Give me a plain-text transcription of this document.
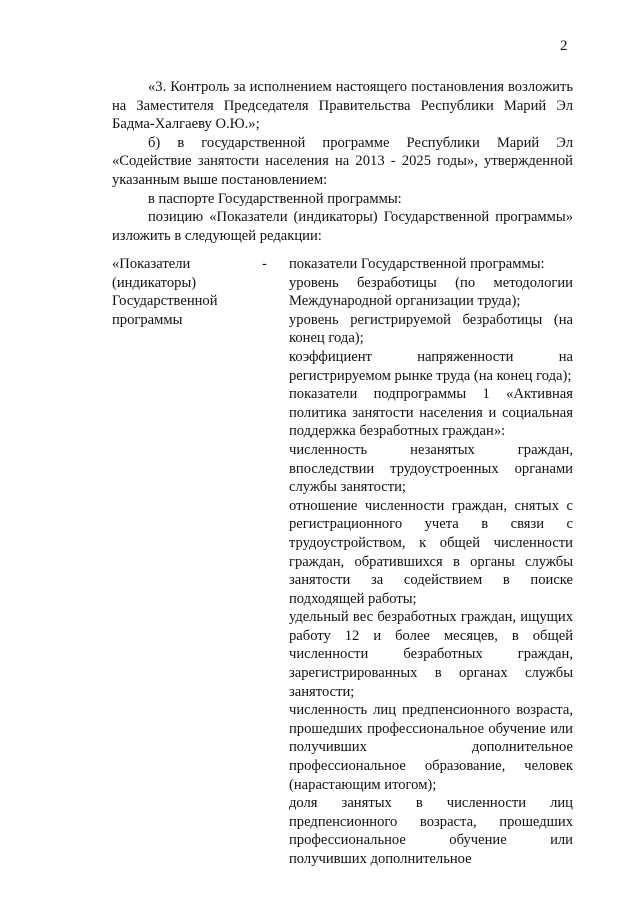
2

«3. Контроль за исполнением настоящего постановления возложить на Заместителя Председателя Правительства Республики Марий Эл Бадма-Халгаеву О.Ю.»;

б) в государственной программе Республики Марий Эл «Содействие занятости населения на 2013 - 2025 годы», утвержденной указанным выше постановлением:

в паспорте Государственной программы:

позицию «Показатели (индикаторы) Государственной программы» изложить в следующей редакции:

«Показатели (индикаторы) Государственной программы
- показатели Государственной программы:

уровень безработицы (по методологии Международной организации труда);

уровень регистрируемой безработицы (на конец года);

коэффициент напряженности на регистрируемом рынке труда (на конец года);

показатели подпрограммы 1 «Активная политика занятости населения и социальная поддержка безработных граждан»:

численность незанятых граждан, впоследствии трудоустроенных органами службы занятости;

отношение численности граждан, снятых с регистрационного учета в связи с трудоустройством, к общей численности граждан, обратившихся в органы службы занятости за содействием в поиске подходящей работы;

удельный вес безработных граждан, ищущих работу 12 и более месяцев, в общей численности безработных граждан, зарегистрированных в органах службы занятости;

численность лиц предпенсионного возраста, прошедших профессиональное обучение или получивших дополнительное профессиональное образование, человек (нарастающим итогом);

доля занятых в численности лиц предпенсионного возраста, прошедших профессиональное обучение или получивших дополнительное
